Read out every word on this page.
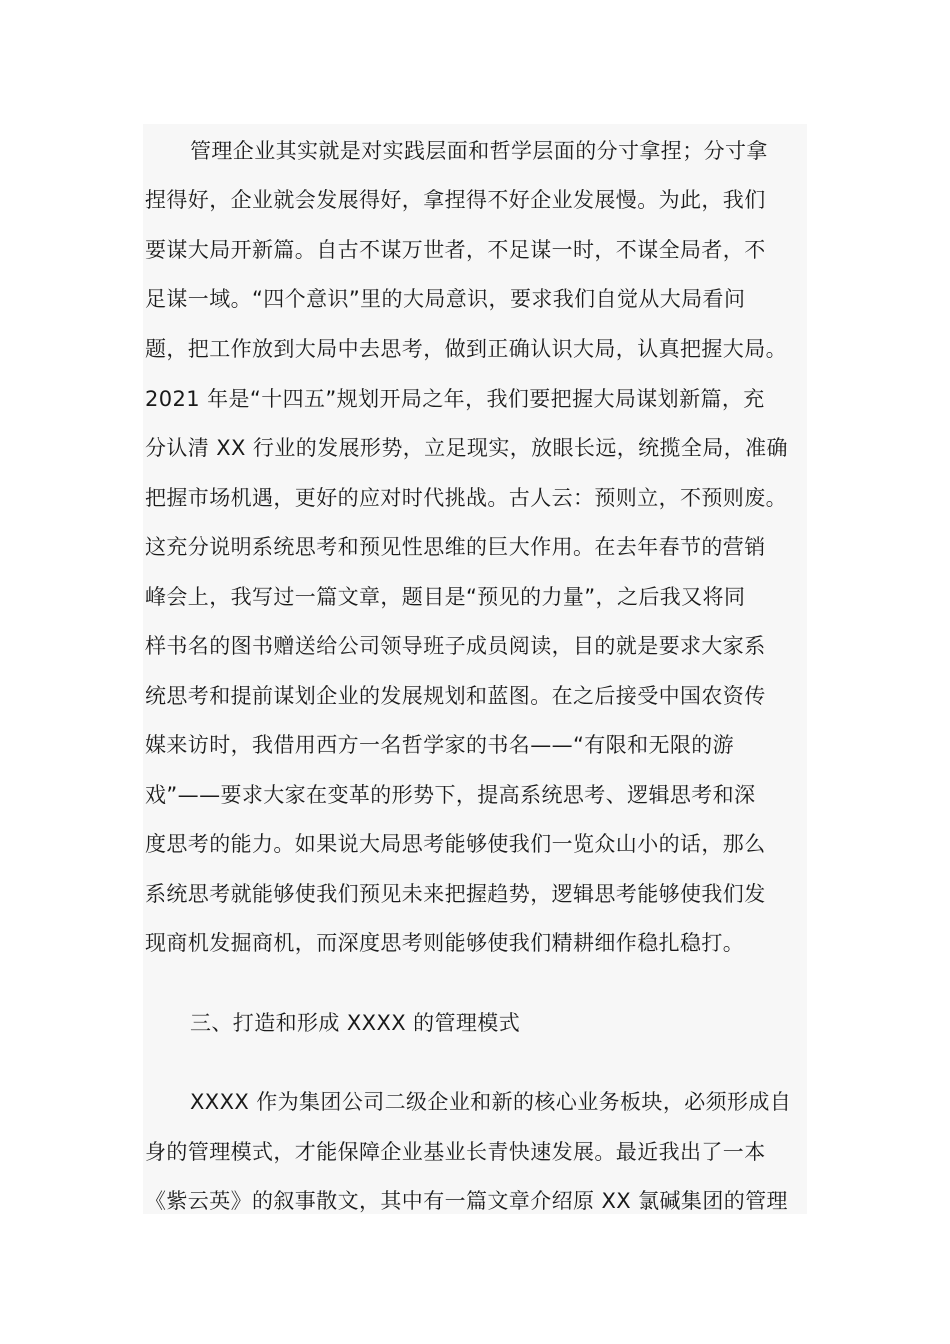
管理企业其实就是对实践层面和哲学层面的分寸拿捏；分寸拿
捏得好，企业就会发展得好，拿捏得不好企业发展慢。为此，我们
要谋大局开新篇。自古不谋万世者，不足谋一时，不谋全局者，不
足谋一域。“四个意识”里的大局意识，要求我们自觉从大局看问
题，把工作放到大局中去思考，做到正确认识大局，认真把握大局。
2021 年是“十四五”规划开局之年，我们要把握大局谋划新篇，充
分认清 XX 行业的发展形势，立足现实，放眼长远，统揽全局，准确
把握市场机遇，更好的应对时代挑战。古人云：预则立，不预则废。
这充分说明系统思考和预见性思维的巨大作用。在去年春节的营销
峰会上，我写过一篇文章，题目是“预见的力量”，之后我又将同
样书名的图书赠送给公司领导班子成员阅读，目的就是要求大家系
统思考和提前谋划企业的发展规划和蓝图。在之后接受中国农资传
媒来访时，我借用西方一名哲学家的书名——“有限和无限的游
戏”——要求大家在变革的形势下，提高系统思考、逻辑思考和深
度思考的能力。如果说大局思考能够使我们一览众山小的话，那么
系统思考就能够使我们预见未来把握趋势，逻辑思考能够使我们发
现商机发掘商机，而深度思考则能够使我们精耕细作稳扎稳打。
三、打造和形成 XXXX 的管理模式
XXXX 作为集团公司二级企业和新的核心业务板块，必须形成自
身的管理模式，才能保障企业基业长青快速发展。最近我出了一本
《紫云英》的叙事散文，其中有一篇文章介绍原 XX 氯碱集团的管理
